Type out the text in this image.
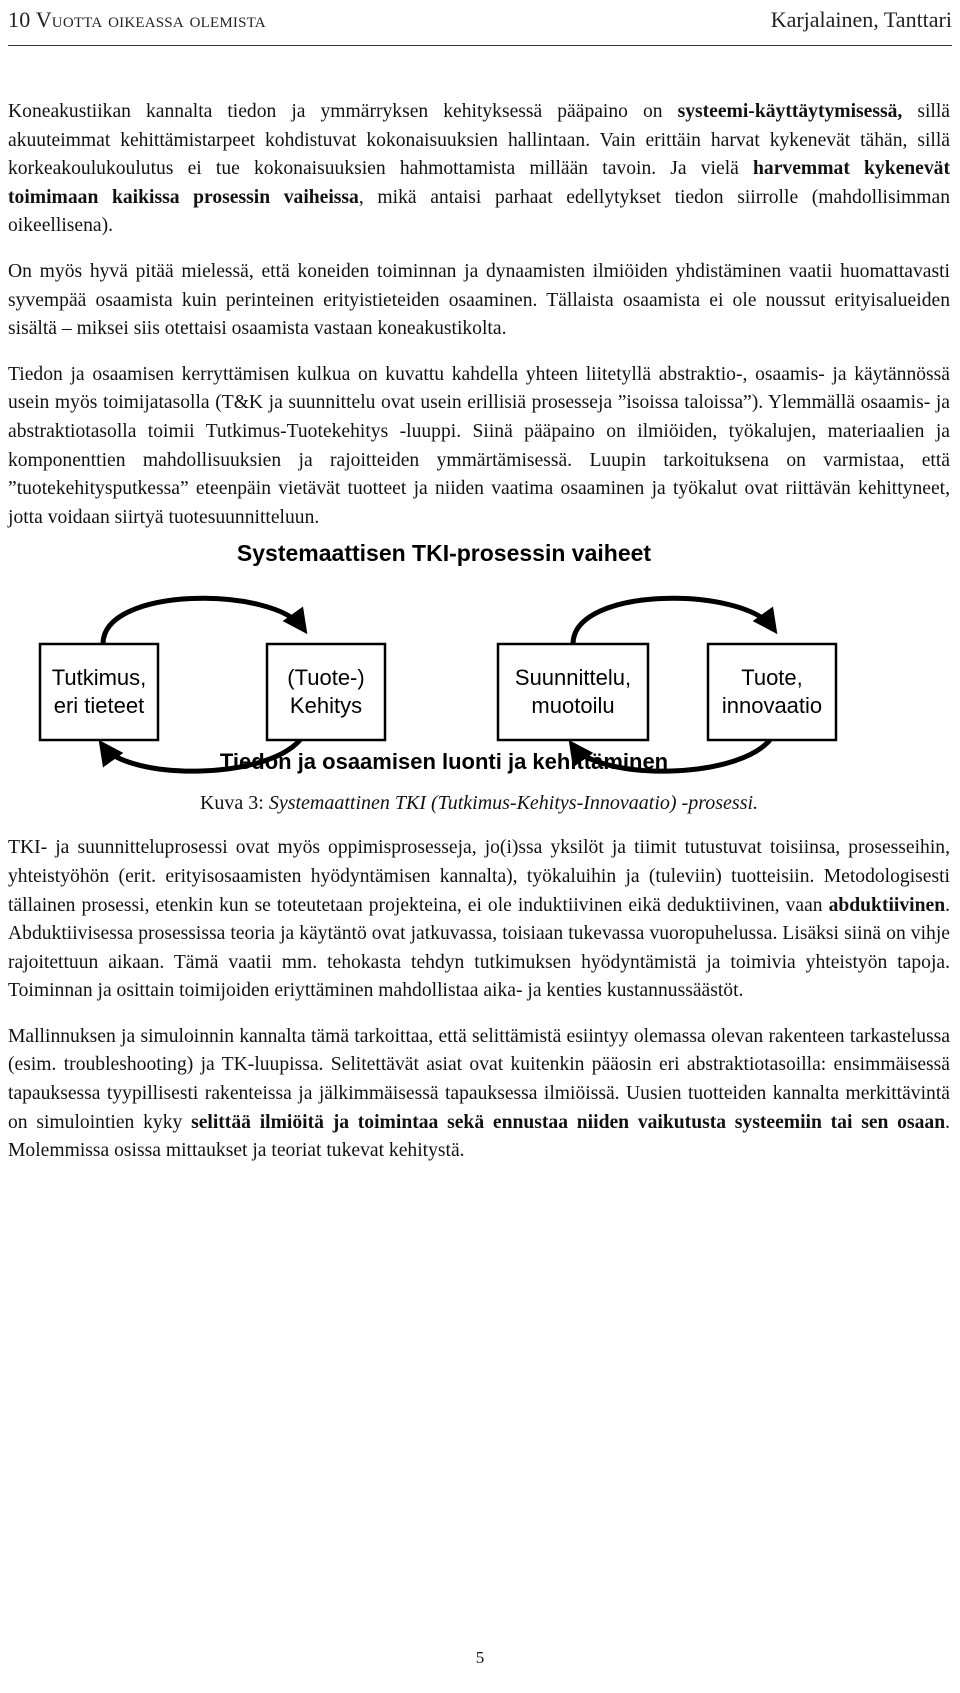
10 Vuotta oikeassa olemista	Karjalainen, Tanttari

Koneakustiikan kannalta tiedon ja ymmärryksen kehityksessä pääpaino on systeemi-käyttäytymisessä, sillä akuuteimmat kehittämistarpeet kohdistuvat kokonaisuuksien hallintaan. Vain erittäin harvat kykenevät tähän, sillä korkeakoulukoulutus ei tue kokonaisuuksien hahmottamista millään tavoin. Ja vielä harvemmat kykenevät toimimaan kaikissa prosessin vaiheissa, mikä antaisi parhaat edellytykset tiedon siirrolle (mahdollisimman oikeellisena).

On myös hyvä pitää mielessä, että koneiden toiminnan ja dynaamisten ilmiöiden yhdistäminen vaatii huomattavasti syvempää osaamista kuin perinteinen erityistieteiden osaaminen. Tällaista osaamista ei ole noussut erityisalueiden sisältä – miksei siis otettaisi osaamista vastaan koneakustikolta.

Tiedon ja osaamisen kerryttämisen kulkua on kuvattu kahdella yhteen liitetyllä abstraktio-, osaamis- ja käytännössä usein myös toimijatasolla (T&K ja suunnittelu ovat usein erillisiä prosesseja ”isoissa taloissa”). Ylemmällä osaamis- ja abstraktiotasolla toimii Tutkimus-Tuotekehitys -luuppi. Siinä pääpaino on ilmiöiden, työkalujen, materiaalien ja komponenttien mahdollisuuksien ja rajoitteiden ymmärtämisessä. Luupin tarkoituksena on varmistaa, että ”tuotekehitysputkessa” eteenpäin vietävät tuotteet ja niiden vaatima osaaminen ja työkalut ovat riittävän kehittyneet, jotta voidaan siirtyä tuotesuunnitteluun.

Systemaattisen TKI-prosessin vaiheet
Tutkimus,
eri tieteet
(Tuote-)
Kehitys
Suunnittelu,
muotoilu
Tuote,
innovaatio
Tiedon ja osaamisen luonti ja kehittäminen
Kuva 3: Systemaattinen TKI (Tutkimus-Kehitys-Innovaatio) -prosessi.

TKI- ja suunnitteluprosessi ovat myös oppimisprosesseja, jo(i)ssa yksilöt ja tiimit tutustuvat toisiinsa, prosesseihin, yhteistyöhön (erit. erityisosaamisten hyödyntämisen kannalta), työkaluihin ja (tuleviin) tuotteisiin. Metodologisesti tällainen prosessi, etenkin kun se toteutetaan projekteina, ei ole induktiivinen eikä deduktiivinen, vaan abduktiivinen. Abduktiivisessa prosessissa teoria ja käytäntö ovat jatkuvassa, toisiaan tukevassa vuoropuhelussa. Lisäksi siinä on vihje rajoitettuun aikaan. Tämä vaatii mm. tehokasta tehdyn tutkimuksen hyödyntämistä ja toimivia yhteistyön tapoja. Toiminnan ja osittain toimijoiden eriyttäminen mahdollistaa aika- ja kenties kustannussäästöt.

Mallinnuksen ja simuloinnin kannalta tämä tarkoittaa, että selittämistä esiintyy olemassa olevan rakenteen tarkastelussa (esim. troubleshooting) ja TK-luupissa. Selitettävät asiat ovat kuitenkin pääosin eri abstraktiotasoilla: ensimmäisessä tapauksessa tyypillisesti rakenteissa ja jälkimmäisessä tapauksessa ilmiöissä. Uusien tuotteiden kannalta merkittävintä on simulointien kyky selittää ilmiöitä ja toimintaa sekä ennustaa niiden vaikutusta systeemiin tai sen osaan. Molemmissa osissa mittaukset ja teoriat tukevat kehitystä.

5
